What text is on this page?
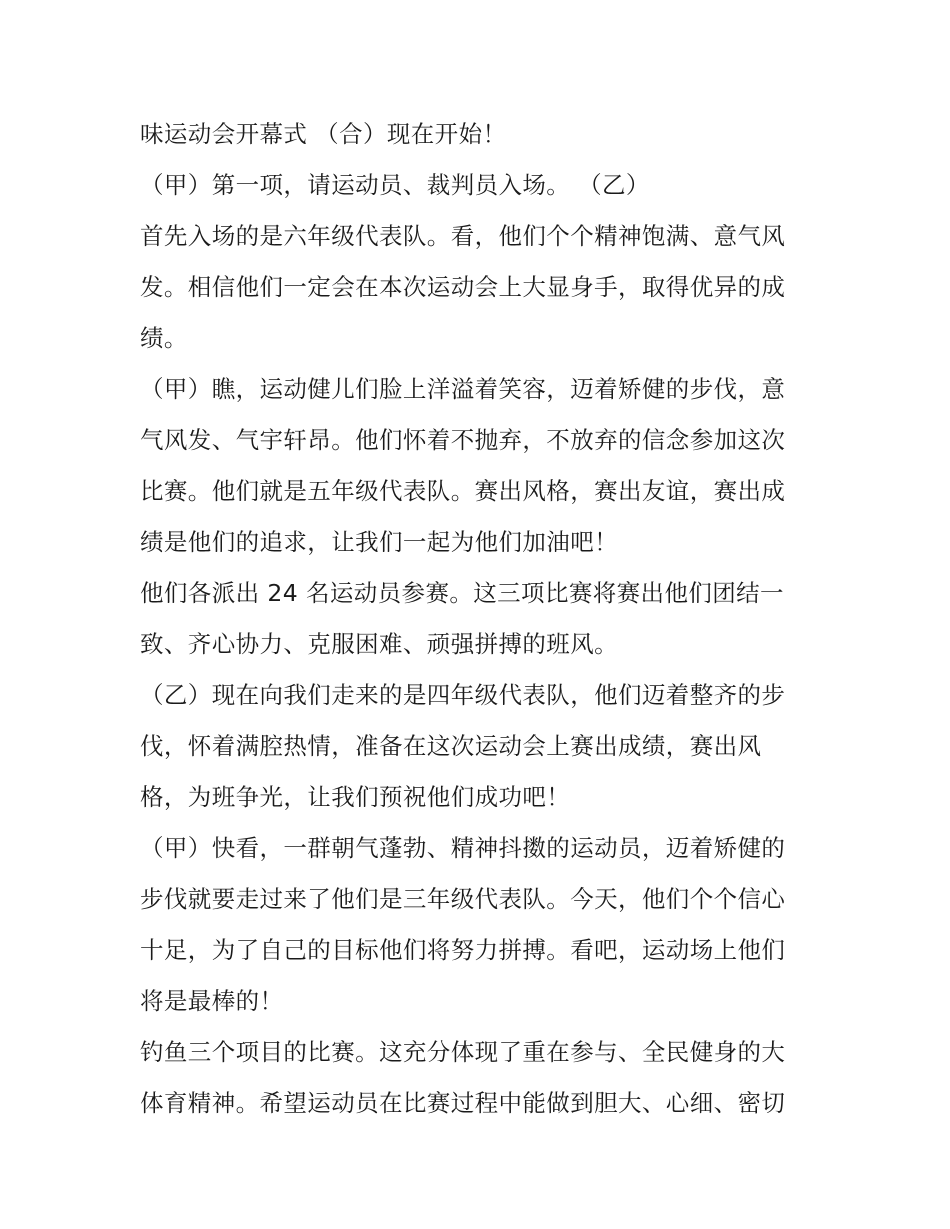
味运动会开幕式 （合）现在开始！
（甲）第一项，请运动员、裁判员入场。 （乙）
首先入场的是六年级代表队。看，他们个个精神饱满、意气风
发。相信他们一定会在本次运动会上大显身手，取得优异的成
绩。
（甲）瞧，运动健儿们脸上洋溢着笑容，迈着矫健的步伐，意
气风发、气宇轩昂。他们怀着不抛弃，不放弃的信念参加这次
比赛。他们就是五年级代表队。赛出风格，赛出友谊，赛出成
绩是他们的追求，让我们一起为他们加油吧！
他们各派出 24 名运动员参赛。这三项比赛将赛出他们团结一
致、齐心协力、克服困难、顽强拼搏的班风。
（乙）现在向我们走来的是四年级代表队，他们迈着整齐的步
伐，怀着满腔热情，准备在这次运动会上赛出成绩，赛出风
格，为班争光，让我们预祝他们成功吧！
（甲）快看，一群朝气蓬勃、精神抖擞的运动员，迈着矫健的
步伐就要走过来了他们是三年级代表队。今天，他们个个信心
十足，为了自己的目标他们将努力拼搏。看吧，运动场上他们
将是最棒的！
钓鱼三个项目的比赛。这充分体现了重在参与、全民健身的大
体育精神。希望运动员在比赛过程中能做到胆大、心细、密切
